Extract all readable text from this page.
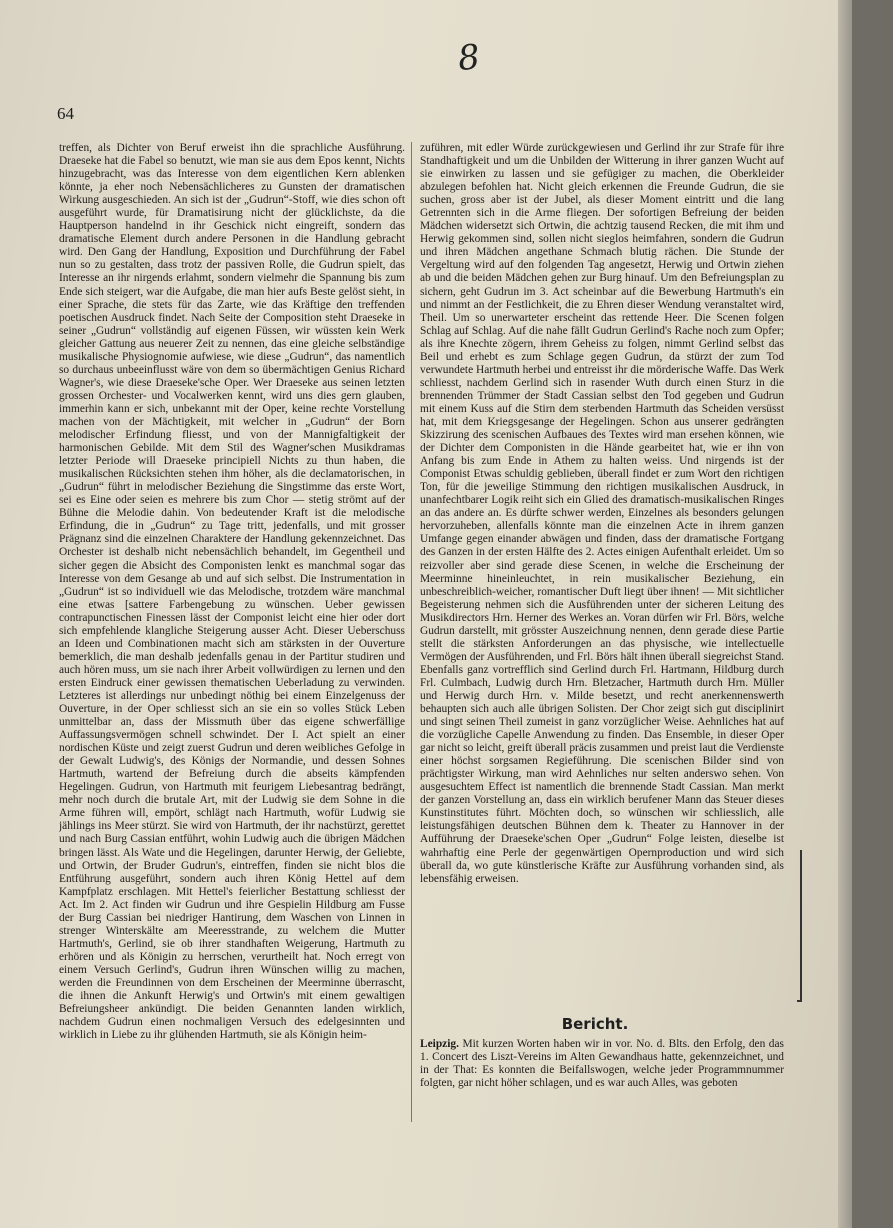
8
64

treffen, als Dichter von Beruf erweist ihn die sprachliche Ausführung. Draeseke hat die Fabel so benutzt, wie man sie aus dem Epos kennt, Nichts hinzugebracht, was das Interesse von dem eigentlichen Kern ablenken könnte, ja eher noch Nebensächlicheres zu Gunsten der dramatischen Wirkung ausgeschieden. An sich ist der „Gudrun“-Stoff, wie dies schon oft ausgeführt wurde, für Dramatisirung nicht der glücklichste, da die Hauptperson handelnd in ihr Geschick nicht eingreift, sondern das dramatische Element durch andere Personen in die Handlung gebracht wird. Den Gang der Handlung, Exposition und Durchführung der Fabel nun so zu gestalten, dass trotz der passiven Rolle, die Gudrun spielt, das Interesse an ihr nirgends erlahmt, sondern vielmehr die Spannung bis zum Ende sich steigert, war die Aufgabe, die man hier aufs Beste gelöst sieht, in einer Sprache, die stets für das Zarte, wie das Kräftige den treffenden poetischen Ausdruck findet. Nach Seite der Composition steht Draeseke in seiner „Gudrun“ vollständig auf eigenen Füssen, wir wüssten kein Werk gleicher Gattung aus neuerer Zeit zu nennen, das eine gleiche selbständige musikalische Physiognomie aufwiese, wie diese „Gudrun“, das namentlich so durchaus unbeeinflusst wäre von dem so übermächtigen Genius Richard Wagner's, wie diese Draeseke'sche Oper. Wer Draeseke aus seinen letzten grossen Orchester- und Vocalwerken kennt, wird uns dies gern glauben, immerhin kann er sich, unbekannt mit der Oper, keine rechte Vorstellung machen von der Mächtigkeit, mit welcher in „Gudrun“ der Born melodischer Erfindung fliesst, und von der Mannigfaltigkeit der harmonischen Gebilde. Mit dem Stil des Wagner'schen Musikdramas letzter Periode will Draeseke principiell Nichts zu thun haben, die musikalischen Rücksichten stehen ihm höher, als die declamatorischen, in „Gudrun“ führt in melodischer Beziehung die Singstimme das erste Wort, sei es Eine oder seien es mehrere bis zum Chor — stetig strömt auf der Bühne die Melodie dahin. Von bedeutender Kraft ist die melodische Erfindung, die in „Gudrun“ zu Tage tritt, jedenfalls, und mit grosser Prägnanz sind die einzelnen Charaktere der Handlung gekennzeichnet. Das Orchester ist deshalb nicht nebensächlich behandelt, im Gegentheil und sicher gegen die Absicht des Componisten lenkt es manchmal sogar das Interesse von dem Gesange ab und auf sich selbst. Die Instrumentation in „Gudrun“ ist so individuell wie das Melodische, trotzdem wäre manchmal eine etwas [sattere Farbengebung zu wünschen. Ueber gewissen contrapunctischen Finessen lässt der Componist leicht eine hier oder dort sich empfehlende klangliche Steigerung ausser Acht. Dieser Ueberschuss an Ideen und Combinationen macht sich am stärksten in der Ouverture bemerklich, die man deshalb jedenfalls genau in der Partitur studiren und auch hören muss, um sie nach ihrer Arbeit vollwürdigen zu lernen und den ersten Eindruck einer gewissen thematischen Ueberladung zu verwinden. Letzteres ist allerdings nur unbedingt nöthig bei einem Einzelgenuss der Ouverture, in der Oper schliesst sich an sie ein so volles Stück Leben unmittelbar an, dass der Missmuth über das eigene schwerfällige Auffassungsvermögen schnell schwindet. Der I. Act spielt an einer nordischen Küste und zeigt zuerst Gudrun und deren weibliches Gefolge in der Gewalt Ludwig's, des Königs der Normandie, und dessen Sohnes Hartmuth, wartend der Befreiung durch die abseits kämpfenden Hegelingen. Gudrun, von Hartmuth mit feurigem Liebesantrag bedrängt, mehr noch durch die brutale Art, mit der Ludwig sie dem Sohne in die Arme führen will, empört, schlägt nach Hartmuth, wofür Ludwig sie jählings ins Meer stürzt. Sie wird von Hartmuth, der ihr nachstürzt, gerettet und nach Burg Cassian entführt, wohin Ludwig auch die übrigen Mädchen bringen lässt. Als Wate und die Hegelingen, darunter Herwig, der Geliebte, und Ortwin, der Bruder Gudrun's, eintreffen, finden sie nicht blos die Entführung ausgeführt, sondern auch ihren König Hettel auf dem Kampfplatz erschlagen. Mit Hettel's feierlicher Bestattung schliesst der Act. Im 2. Act finden wir Gudrun und ihre Gespielin Hildburg am Fusse der Burg Cassian bei niedriger Hantirung, dem Waschen von Linnen in strenger Winterskälte am Meeresstrande, zu welchem die Mutter Hartmuth's, Gerlind, sie ob ihrer standhaften Weigerung, Hartmuth zu erhören und als Königin zu herrschen, verurtheilt hat. Noch erregt von einem Versuch Gerlind's, Gudrun ihren Wünschen willig zu machen, werden die Freundinnen von dem Erscheinen der Meerminne überrascht, die ihnen die Ankunft Herwig's und Ortwin's mit einem gewaltigen Befreiungsheer ankündigt. Die beiden Genannten landen wirklich, nachdem Gudrun einen nochmaligen Versuch des edelgesinnten und wirklich in Liebe zu ihr glühenden Hartmuth, sie als Königin heim-

zuführen, mit edler Würde zurückgewiesen und Gerlind ihr zur Strafe für ihre Standhaftigkeit und um die Unbilden der Witterung in ihrer ganzen Wucht auf sie einwirken zu lassen und sie gefügiger zu machen, die Oberkleider abzulegen befohlen hat. Nicht gleich erkennen die Freunde Gudrun, die sie suchen, gross aber ist der Jubel, als dieser Moment eintritt und die lang Getrennten sich in die Arme fliegen. Der sofortigen Befreiung der beiden Mädchen widersetzt sich Ortwin, die achtzig tausend Recken, die mit ihm und Herwig gekommen sind, sollen nicht sieglos heimfahren, sondern die Gudrun und ihren Mädchen angethane Schmach blutig rächen. Die Stunde der Vergeltung wird auf den folgenden Tag angesetzt, Herwig und Ortwin ziehen ab und die beiden Mädchen gehen zur Burg hinauf. Um den Befreiungsplan zu sichern, geht Gudrun im 3. Act scheinbar auf die Bewerbung Hartmuth's ein und nimmt an der Festlichkeit, die zu Ehren dieser Wendung veranstaltet wird, Theil. Um so unerwarteter erscheint das rettende Heer. Die Scenen folgen Schlag auf Schlag. Auf die nahe fällt Gudrun Gerlind's Rache noch zum Opfer; als ihre Knechte zögern, ihrem Geheiss zu folgen, nimmt Gerlind selbst das Beil und erhebt es zum Schlage gegen Gudrun, da stürzt der zum Tod verwundete Hartmuth herbei und entreisst ihr die mörderische Waffe. Das Werk schliesst, nachdem Gerlind sich in rasender Wuth durch einen Sturz in die brennenden Trümmer der Stadt Cassian selbst den Tod gegeben und Gudrun mit einem Kuss auf die Stirn dem sterbenden Hartmuth das Scheiden versüsst hat, mit dem Kriegsgesange der Hegelingen. Schon aus unserer gedrängten Skizzirung des scenischen Aufbaues des Textes wird man ersehen können, wie der Dichter dem Componisten in die Hände gearbeitet hat, wie er ihn von Anfang bis zum Ende in Athem zu halten weiss. Und nirgends ist der Componist Etwas schuldig geblieben, überall findet er zum Wort den richtigen Ton, für die jeweilige Stimmung den richtigen musikalischen Ausdruck, in unanfechtbarer Logik reiht sich ein Glied des dramatisch-musikalischen Ringes an das andere an. Es dürfte schwer werden, Einzelnes als besonders gelungen hervorzuheben, allenfalls könnte man die einzelnen Acte in ihrem ganzen Umfange gegen einander abwägen und finden, dass der dramatische Fortgang des Ganzen in der ersten Hälfte des 2. Actes einigen Aufenthalt erleidet. Um so reizvoller aber sind gerade diese Scenen, in welche die Erscheinung der Meerminne hineinleuchtet, in rein musikalischer Beziehung, ein unbeschreiblich-weicher, romantischer Duft liegt über ihnen! — Mit sichtlicher Begeisterung nehmen sich die Ausführenden unter der sicheren Leitung des Musikdirectors Hrn. Herner des Werkes an. Voran dürfen wir Frl. Börs, welche Gudrun darstellt, mit grösster Auszeichnung nennen, denn gerade diese Partie stellt die stärksten Anforderungen an das physische, wie intellectuelle Vermögen der Ausführenden, und Frl. Börs hält ihnen überall siegreichst Stand. Ebenfalls ganz vortrefflich sind Gerlind durch Frl. Hartmann, Hildburg durch Frl. Culmbach, Ludwig durch Hrn. Bletzacher, Hartmuth durch Hrn. Müller und Herwig durch Hrn. v. Milde besetzt, und recht anerkennenswerth behaupten sich auch alle übrigen Solisten. Der Chor zeigt sich gut disciplinirt und singt seinen Theil zumeist in ganz vorzüglicher Weise. Aehnliches hat auf die vorzügliche Capelle Anwendung zu finden. Das Ensemble, in dieser Oper gar nicht so leicht, greift überall präcis zusammen und preist laut die Verdienste einer höchst sorgsamen Regieführung. Die scenischen Bilder sind von prächtigster Wirkung, man wird Aehnliches nur selten anderswo sehen. Von ausgesuchtem Effect ist namentlich die brennende Stadt Cassian. Man merkt der ganzen Vorstellung an, dass ein wirklich berufener Mann das Steuer dieses Kunstinstitutes führt. Möchten doch, so wünschen wir schliesslich, alle leistungsfähigen deutschen Bühnen dem k. Theater zu Hannover in der Aufführung der Draeseke'schen Oper „Gudrun“ Folge leisten, dieselbe ist wahrhaftig eine Perle der gegenwärtigen Opernproduction und wird sich überall da, wo gute künstlerische Kräfte zur Ausführung vorhanden sind, als lebensfähig erweisen.

Bericht.
Leipzig. Mit kurzen Worten haben wir in vor. No. d. Blts. den Erfolg, den das 1. Concert des Liszt-Vereins im Alten Gewandhaus hatte, gekennzeichnet, und in der That: Es konnten die Beifallswogen, welche jeder Programmnummer folgten, gar nicht höher schlagen, und es war auch Alles, was geboten
